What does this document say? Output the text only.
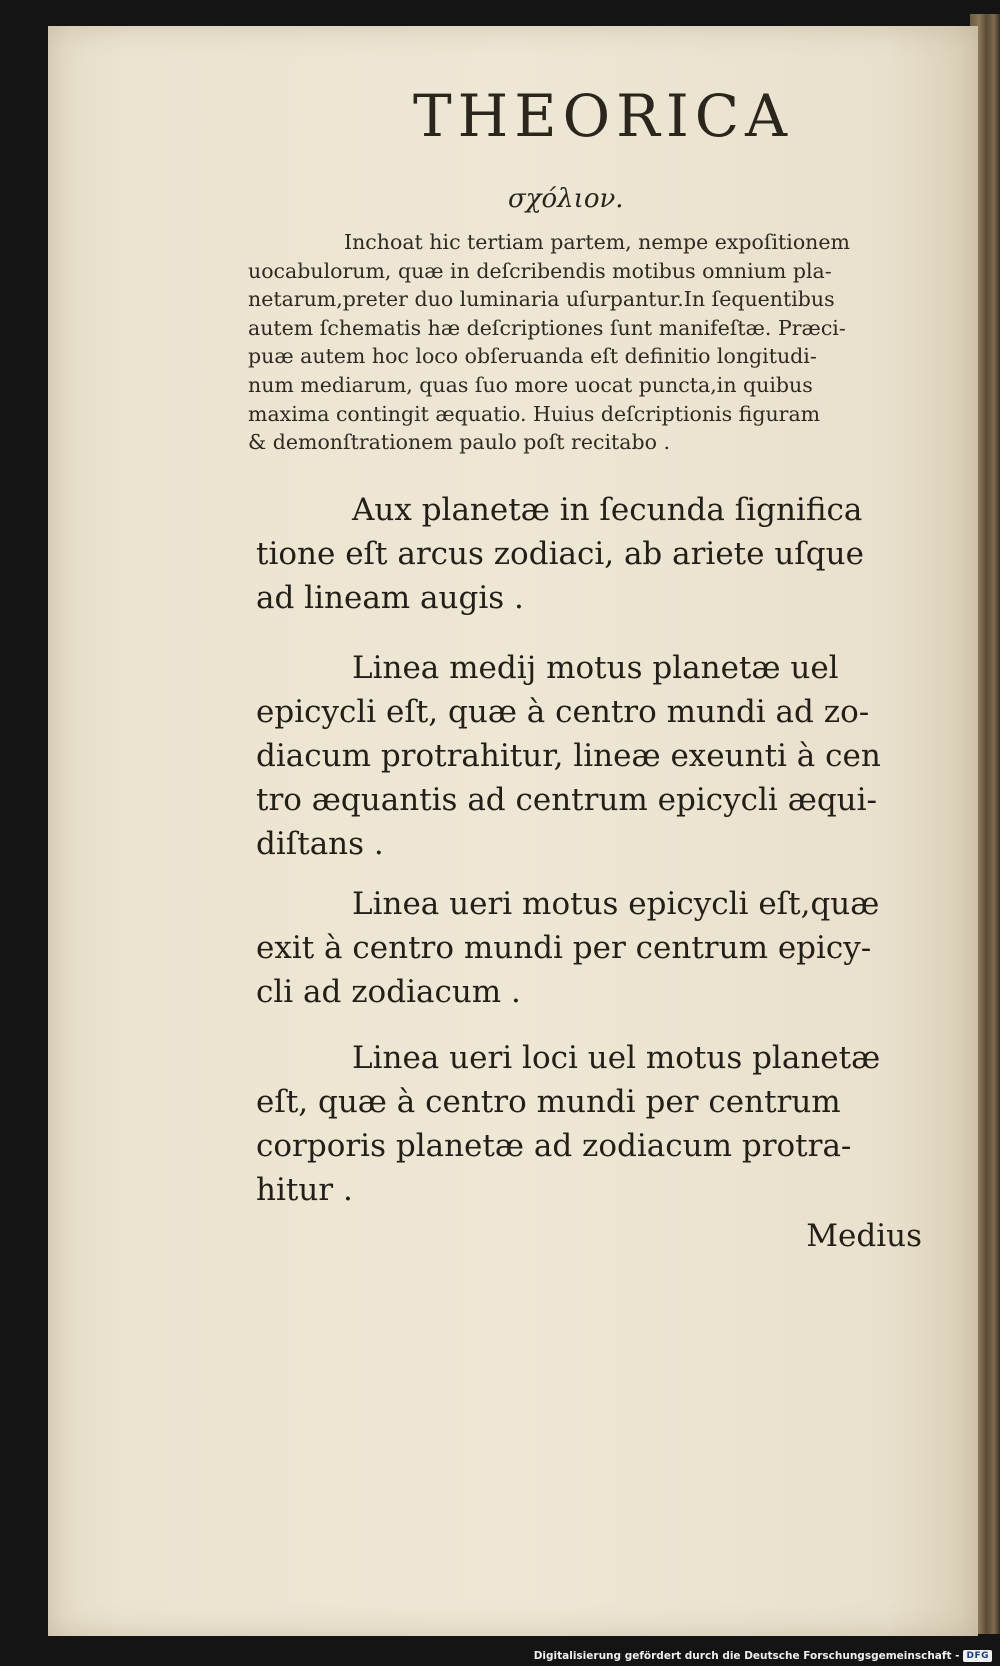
THEORICA
σχόλιον.
Inchoat hic tertiam partem, nempe expoſitionem
uocabulorum, quæ in deſcribendis motibus omnium pla-
netarum,preter duo luminaria uſurpantur.In ſequentibus
autem ſchematis hæ deſcriptiones ſunt manifeſtæ. Præci-
puæ autem hoc loco obſeruanda eſt definitio longitudi-
num mediarum, quas ſuo more uocat puncta,in quibus
maxima contingit æquatio. Huius deſcriptionis figuram
& demonſtrationem paulo poſt recitabo .
Aux planetæ in ſecunda ſignifica
tione eſt arcus zodiaci, ab ariete uſque
ad lineam augis .
Linea medij motus planetæ uel
epicycli eſt, quæ à centro mundi ad zo-
diacum protrahitur, lineæ exeunti à cen
tro æquantis ad centrum epicycli æqui-
diſtans .
Linea ueri motus epicycli eſt,quæ
exit à centro mundi per centrum epicy-
cli ad zodiacum .
Linea ueri loci uel motus planetæ
eſt, quæ à centro mundi per centrum
corporis planetæ ad zodiacum protra-
hitur .
Medius
Digitalisierung gefördert durch die Deutsche Forschungsgemeinschaft - DFG
